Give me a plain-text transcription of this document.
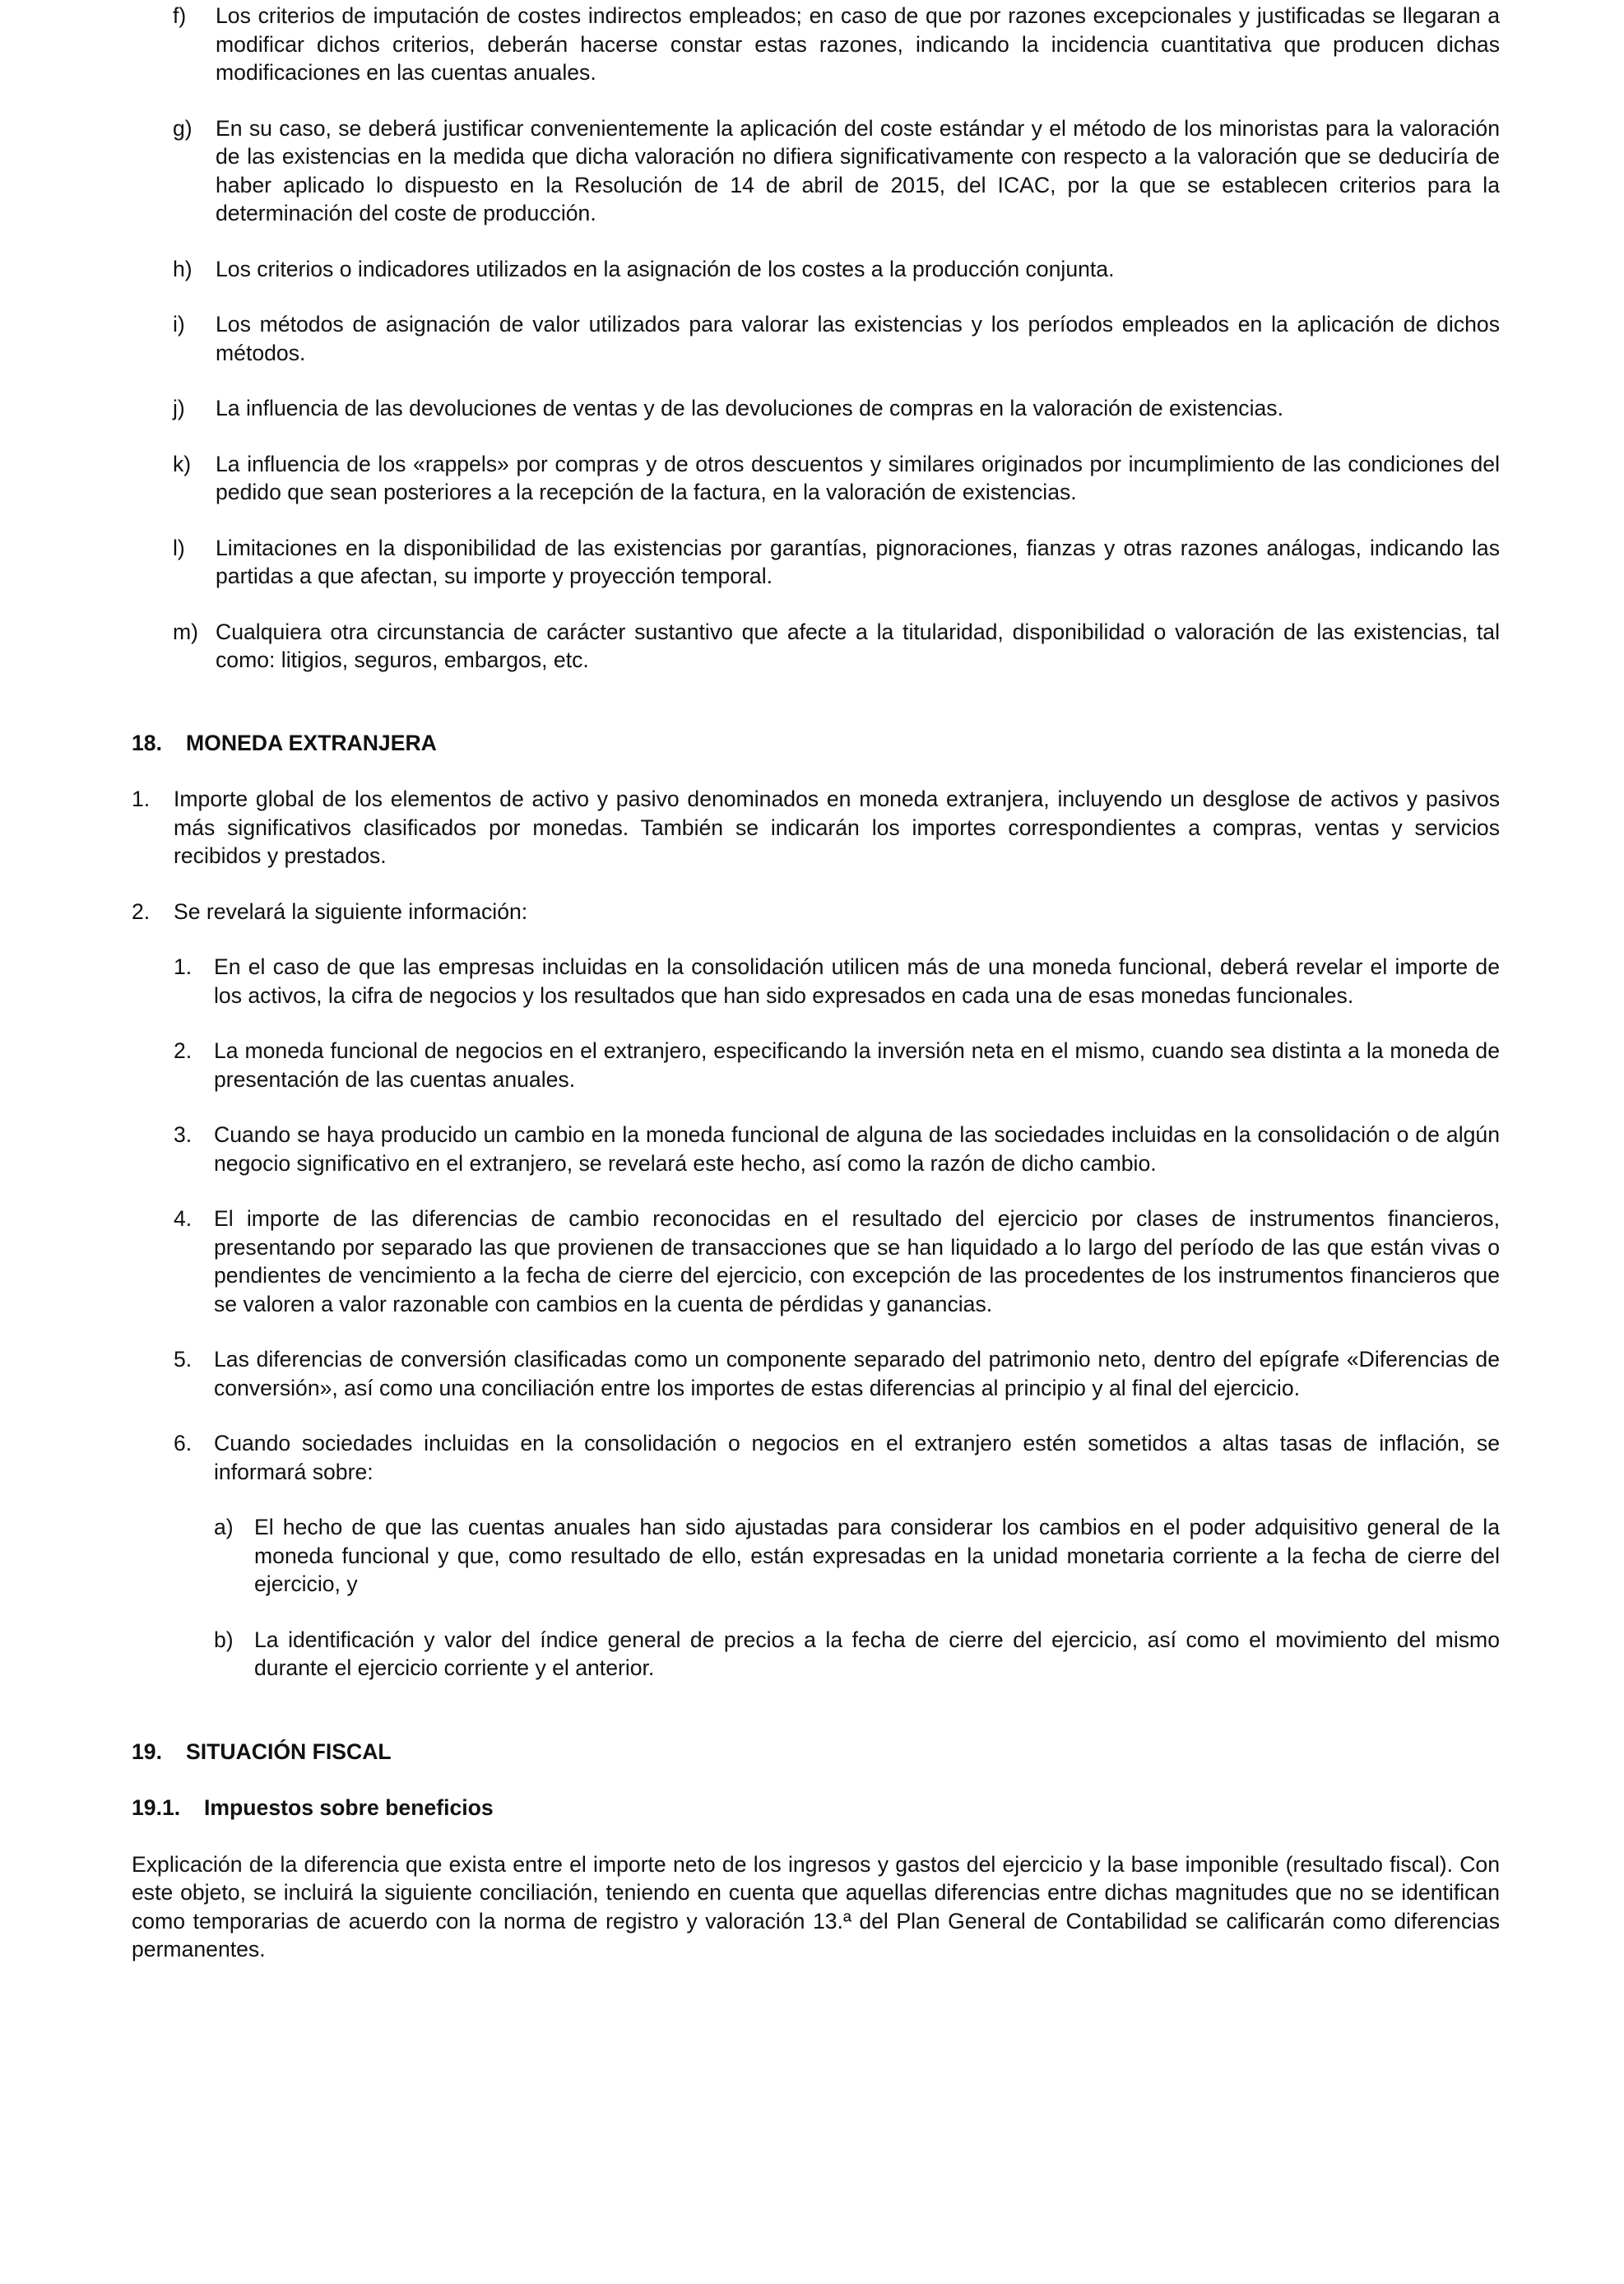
f)	Los criterios de imputación de costes indirectos empleados; en caso de que por razones excepcionales y justificadas se llegaran a modificar dichos criterios, deberán hacerse constar estas razones, indicando la incidencia cuantitativa que producen dichas modificaciones en las cuentas anuales.
g)	En su caso, se deberá justificar convenientemente la aplicación del coste estándar y el método de los minoristas para la valoración de las existencias en la medida que dicha valoración no difiera significativamente con respecto a la valoración que se deduciría de haber aplicado lo dispuesto en la Resolución de 14 de abril de 2015, del ICAC, por la que se establecen criterios para la determinación del coste de producción.
h)	Los criterios o indicadores utilizados en la asignación de los costes a la producción conjunta.
i)	Los métodos de asignación de valor utilizados para valorar las existencias y los períodos empleados en la aplicación de dichos métodos.
j)	La influencia de las devoluciones de ventas y de las devoluciones de compras en la valoración de existencias.
k)	La influencia de los «rappels» por compras y de otros descuentos y similares originados por incumplimiento de las condiciones del pedido que sean posteriores a la recepción de la factura, en la valoración de existencias.
l)	Limitaciones en la disponibilidad de las existencias por garantías, pignoraciones, fianzas y otras razones análogas, indicando las partidas a que afectan, su importe y proyección temporal.
m) Cualquiera otra circunstancia de carácter sustantivo que afecte a la titularidad, disponibilidad o valoración de las existencias, tal como: litigios, seguros, embargos, etc.
18.	MONEDA EXTRANJERA
1.	Importe global de los elementos de activo y pasivo denominados en moneda extranjera, incluyendo un desglose de activos y pasivos más significativos clasificados por monedas. También se indicarán los importes correspondientes a compras, ventas y servicios recibidos y prestados.
2.	Se revelará la siguiente información:
1.	En el caso de que las empresas incluidas en la consolidación utilicen más de una moneda funcional, deberá revelar el importe de los activos, la cifra de negocios y los resultados que han sido expresados en cada una de esas monedas funcionales.
2.	La moneda funcional de negocios en el extranjero, especificando la inversión neta en el mismo, cuando sea distinta a la moneda de presentación de las cuentas anuales.
3.	Cuando se haya producido un cambio en la moneda funcional de alguna de las sociedades incluidas en la consolidación o de algún negocio significativo en el extranjero, se revelará este hecho, así como la razón de dicho cambio.
4.	El importe de las diferencias de cambio reconocidas en el resultado del ejercicio por clases de instrumentos financieros, presentando por separado las que provienen de transacciones que se han liquidado a lo largo del período de las que están vivas o pendientes de vencimiento a la fecha de cierre del ejercicio, con excepción de las procedentes de los instrumentos financieros que se valoren a valor razonable con cambios en la cuenta de pérdidas y ganancias.
5.	Las diferencias de conversión clasificadas como un componente separado del patrimonio neto, dentro del epígrafe «Diferencias de conversión», así como una conciliación entre los importes de estas diferencias al principio y al final del ejercicio.
6.	Cuando sociedades incluidas en la consolidación o negocios en el extranjero estén sometidos a altas tasas de inflación, se informará sobre:
a) El hecho de que las cuentas anuales han sido ajustadas para considerar los cambios en el poder adquisitivo general de la moneda funcional y que, como resultado de ello, están expresadas en la unidad monetaria corriente a la fecha de cierre del ejercicio, y
b) La identificación y valor del índice general de precios a la fecha de cierre del ejercicio, así como el movimiento del mismo durante el ejercicio corriente y el anterior.
19.	SITUACIÓN FISCAL
19.1.	Impuestos sobre beneficios

Explicación de la diferencia que exista entre el importe neto de los ingresos y gastos del ejercicio y la base imponible (resultado fiscal). Con este objeto, se incluirá la siguiente conciliación, teniendo en cuenta que aquellas diferencias entre dichas magnitudes que no se identifican como temporarias de acuerdo con la norma de registro y valoración 13.ª del Plan General de Contabilidad se calificarán como diferencias permanentes.
